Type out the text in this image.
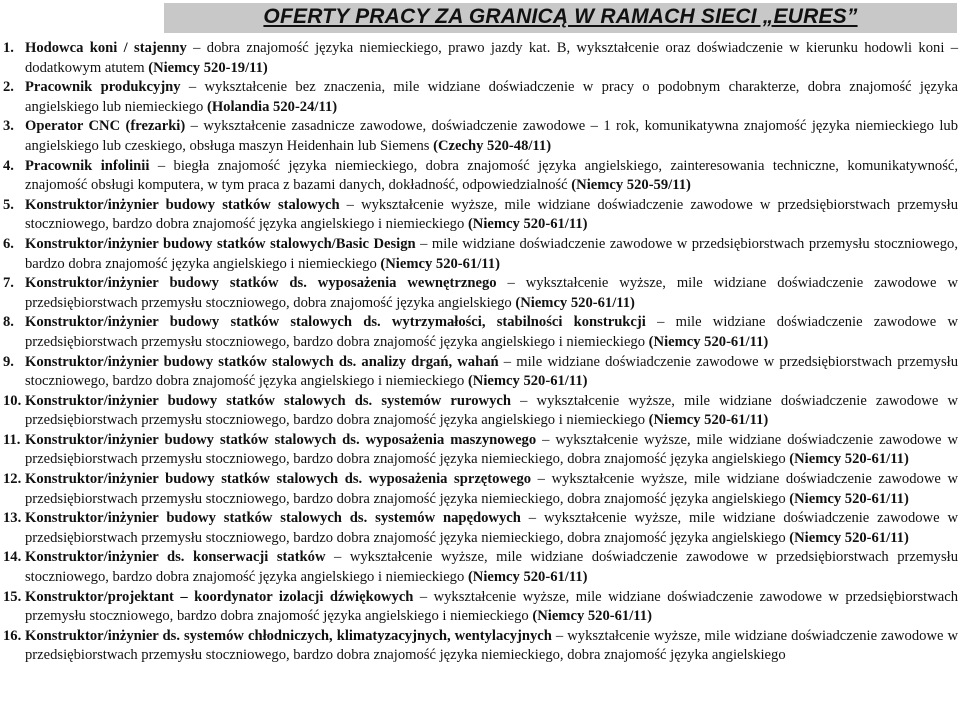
OFERTY PRACY ZA GRANICĄ W RAMACH SIECI „EURES”

1. Hodowca koni / stajenny – dobra znajomość języka niemieckiego, prawo jazdy kat. B, wykształcenie oraz doświadczenie w kierunku hodowli koni – dodatkowym atutem (Niemcy 520-19/11)

2. Pracownik produkcyjny – wykształcenie bez znaczenia, mile widziane doświadczenie w pracy o podobnym charakterze, dobra znajomość języka angielskiego lub niemieckiego (Holandia 520-24/11)

3. Operator CNC (frezarki) – wykształcenie zasadnicze zawodowe, doświadczenie zawodowe – 1 rok, komunikatywna znajomość języka niemieckiego lub angielskiego lub czeskiego, obsługa maszyn Heidenhain lub Siemens (Czechy 520-48/11)

4. Pracownik infolinii – biegła znajomość języka niemieckiego, dobra znajomość języka angielskiego, zainteresowania techniczne, komunikatywność, znajomość obsługi komputera, w tym praca z bazami danych, dokładność, odpowiedzialność (Niemcy 520-59/11)

5. Konstruktor/inżynier budowy statków stalowych – wykształcenie wyższe, mile widziane doświadczenie zawodowe w przedsiębiorstwach przemysłu stoczniowego, bardzo dobra znajomość języka angielskiego i niemieckiego (Niemcy 520-61/11)

6. Konstruktor/inżynier budowy statków stalowych/Basic Design – mile widziane doświadczenie zawodowe w przedsiębiorstwach przemysłu stoczniowego, bardzo dobra znajomość języka angielskiego i niemieckiego (Niemcy 520-61/11)

7. Konstruktor/inżynier budowy statków ds. wyposażenia wewnętrznego – wykształcenie wyższe, mile widziane doświadczenie zawodowe w przedsiębiorstwach przemysłu stoczniowego, dobra znajomość języka angielskiego (Niemcy 520-61/11)

8. Konstruktor/inżynier budowy statków stalowych ds. wytrzymałości, stabilności konstrukcji – mile widziane doświadczenie zawodowe w przedsiębiorstwach przemysłu stoczniowego, bardzo dobra znajomość języka angielskiego i niemieckiego (Niemcy 520-61/11)

9. Konstruktor/inżynier budowy statków stalowych ds. analizy drgań, wahań – mile widziane doświadczenie zawodowe w przedsiębiorstwach przemysłu stoczniowego, bardzo dobra znajomość języka angielskiego i niemieckiego (Niemcy 520-61/11)

10. Konstruktor/inżynier budowy statków stalowych ds. systemów rurowych – wykształcenie wyższe, mile widziane doświadczenie zawodowe w przedsiębiorstwach przemysłu stoczniowego, bardzo dobra znajomość języka angielskiego i niemieckiego (Niemcy 520-61/11)

11. Konstruktor/inżynier budowy statków stalowych ds. wyposażenia maszynowego – wykształcenie wyższe, mile widziane doświadczenie zawodowe w przedsiębiorstwach przemysłu stoczniowego, bardzo dobra znajomość języka niemieckiego, dobra znajomość języka angielskiego (Niemcy 520-61/11)

12. Konstruktor/inżynier budowy statków stalowych ds. wyposażenia sprzętowego – wykształcenie wyższe, mile widziane doświadczenie zawodowe w przedsiębiorstwach przemysłu stoczniowego, bardzo dobra znajomość języka niemieckiego, dobra znajomość języka angielskiego (Niemcy 520-61/11)

13. Konstruktor/inżynier budowy statków stalowych ds. systemów napędowych – wykształcenie wyższe, mile widziane doświadczenie zawodowe w przedsiębiorstwach przemysłu stoczniowego, bardzo dobra znajomość języka niemieckiego, dobra znajomość języka angielskiego (Niemcy 520-61/11)

14. Konstruktor/inżynier ds. konserwacji statków – wykształcenie wyższe, mile widziane doświadczenie zawodowe w przedsiębiorstwach przemysłu stoczniowego, bardzo dobra znajomość języka angielskiego i niemieckiego (Niemcy 520-61/11)

15. Konstruktor/projektant – koordynator izolacji dźwiękowych – wykształcenie wyższe, mile widziane doświadczenie zawodowe w przedsiębiorstwach przemysłu stoczniowego, bardzo dobra znajomość języka angielskiego i niemieckiego (Niemcy 520-61/11)

16. Konstruktor/inżynier ds. systemów chłodniczych, klimatyzacyjnych, wentylacyjnych – wykształcenie wyższe, mile widziane doświadczenie zawodowe w przedsiębiorstwach przemysłu stoczniowego, bardzo dobra znajomość języka niemieckiego, dobra znajomość języka angielskiego
